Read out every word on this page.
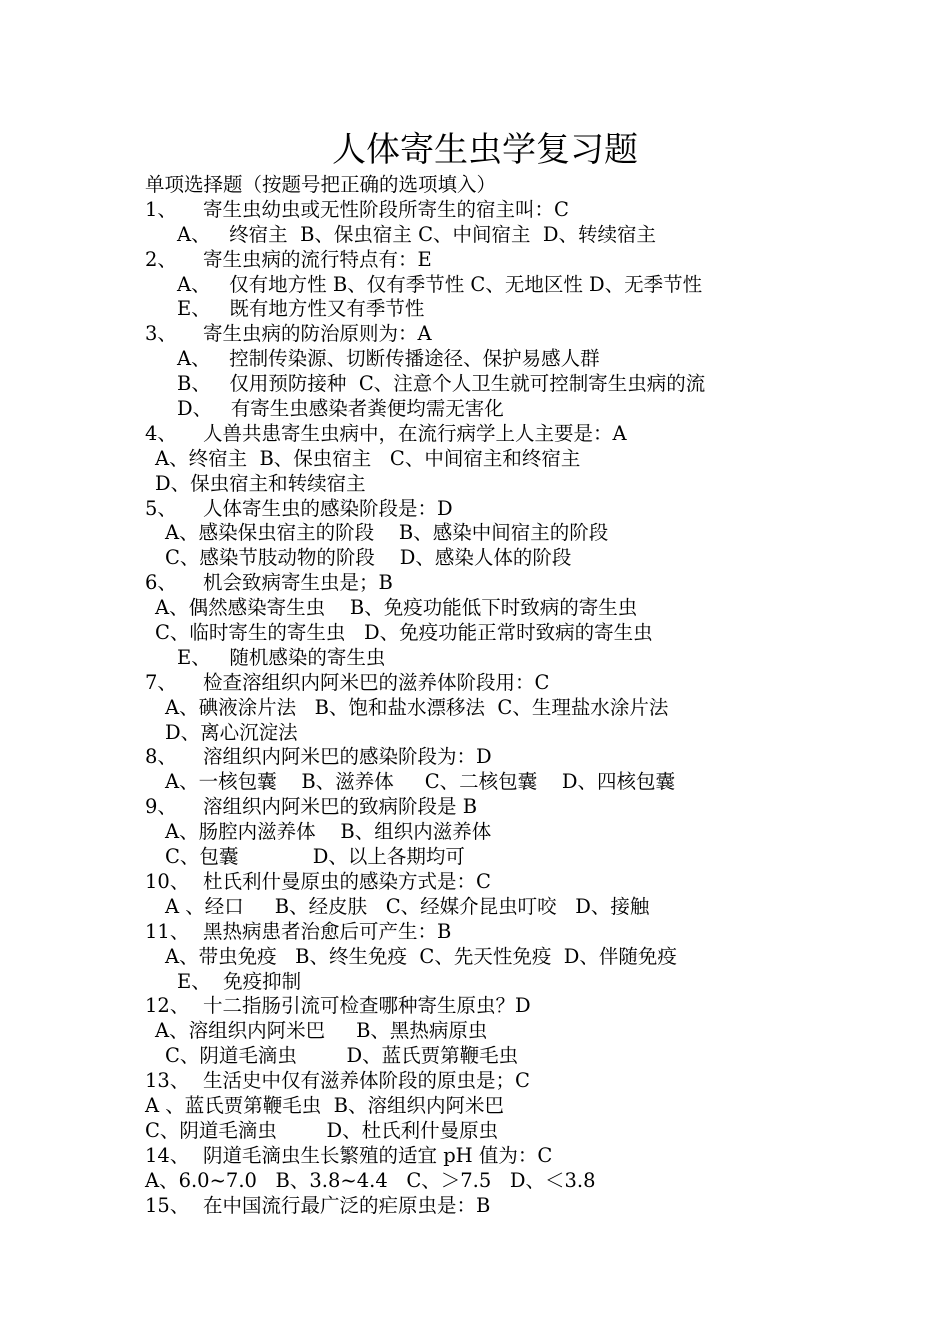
人体寄生虫学复习题
单项选择题（按题号把正确的选项填入）
1、 寄生虫幼虫或无性阶段所寄生的宿主叫：C
A、   终宿主  B、保虫宿主 C、中间宿主  D、转续宿主
2、 寄生虫病的流行特点有：E
A、   仅有地方性 B、仅有季节性 C、无地区性 D、无季节性
E、   既有地方性又有季节性
3、 寄生虫病的防治原则为：A
A、   控制传染源、切断传播途径、保护易感人群
B、   仅用预防接种  C、注意个人卫生就可控制寄生虫病的流
D、   有寄生虫感染者粪便均需无害化
4、 人兽共患寄生虫病中，在流行病学上人主要是：A
A、终宿主  B、保虫宿主   C、中间宿主和终宿主
D、保虫宿主和转续宿主
5、 人体寄生虫的感染阶段是：D
A、感染保虫宿主的阶段    B、感染中间宿主的阶段
C、感染节肢动物的阶段    D、感染人体的阶段
6、 机会致病寄生虫是；B
A、偶然感染寄生虫    B、免疫功能低下时致病的寄生虫
C、临时寄生的寄生虫   D、免疫功能正常时致病的寄生虫
E、   随机感染的寄生虫
7、 检查溶组织内阿米巴的滋养体阶段用：C
A、碘液涂片法   B、饱和盐水漂移法  C、生理盐水涂片法
D、离心沉淀法
8、 溶组织内阿米巴的感染阶段为：D
A、一核包囊    B、滋养体     C、二核包囊    D、四核包囊
9、 溶组织内阿米巴的致病阶段是 B
A、肠腔内滋养体    B、组织内滋养体
C、包囊            D、以上各期均可
10、 杜氏利什曼原虫的感染方式是：C
A 、经口     B、经皮肤   C、经媒介昆虫叮咬   D、接触
11、 黑热病患者治愈后可产生：B
A、带虫免疫   B、终生免疫  C、先天性免疫  D、伴随免疫
E、  免疫抑制
12、 十二指肠引流可检查哪种寄生原虫？D
A、溶组织内阿米巴     B、黑热病原虫
C、阴道毛滴虫        D、蓝氏贾第鞭毛虫
13、 生活史中仅有滋养体阶段的原虫是；C
A 、蓝氏贾第鞭毛虫  B、溶组织内阿米巴
C、阴道毛滴虫        D、杜氏利什曼原虫
14、 阴道毛滴虫生长繁殖的适宜 pH 值为：C
A、6.0~7.0   B、3.8~4.4   C、＞7.5   D、＜3.8
15、 在中国流行最广泛的疟原虫是：B
